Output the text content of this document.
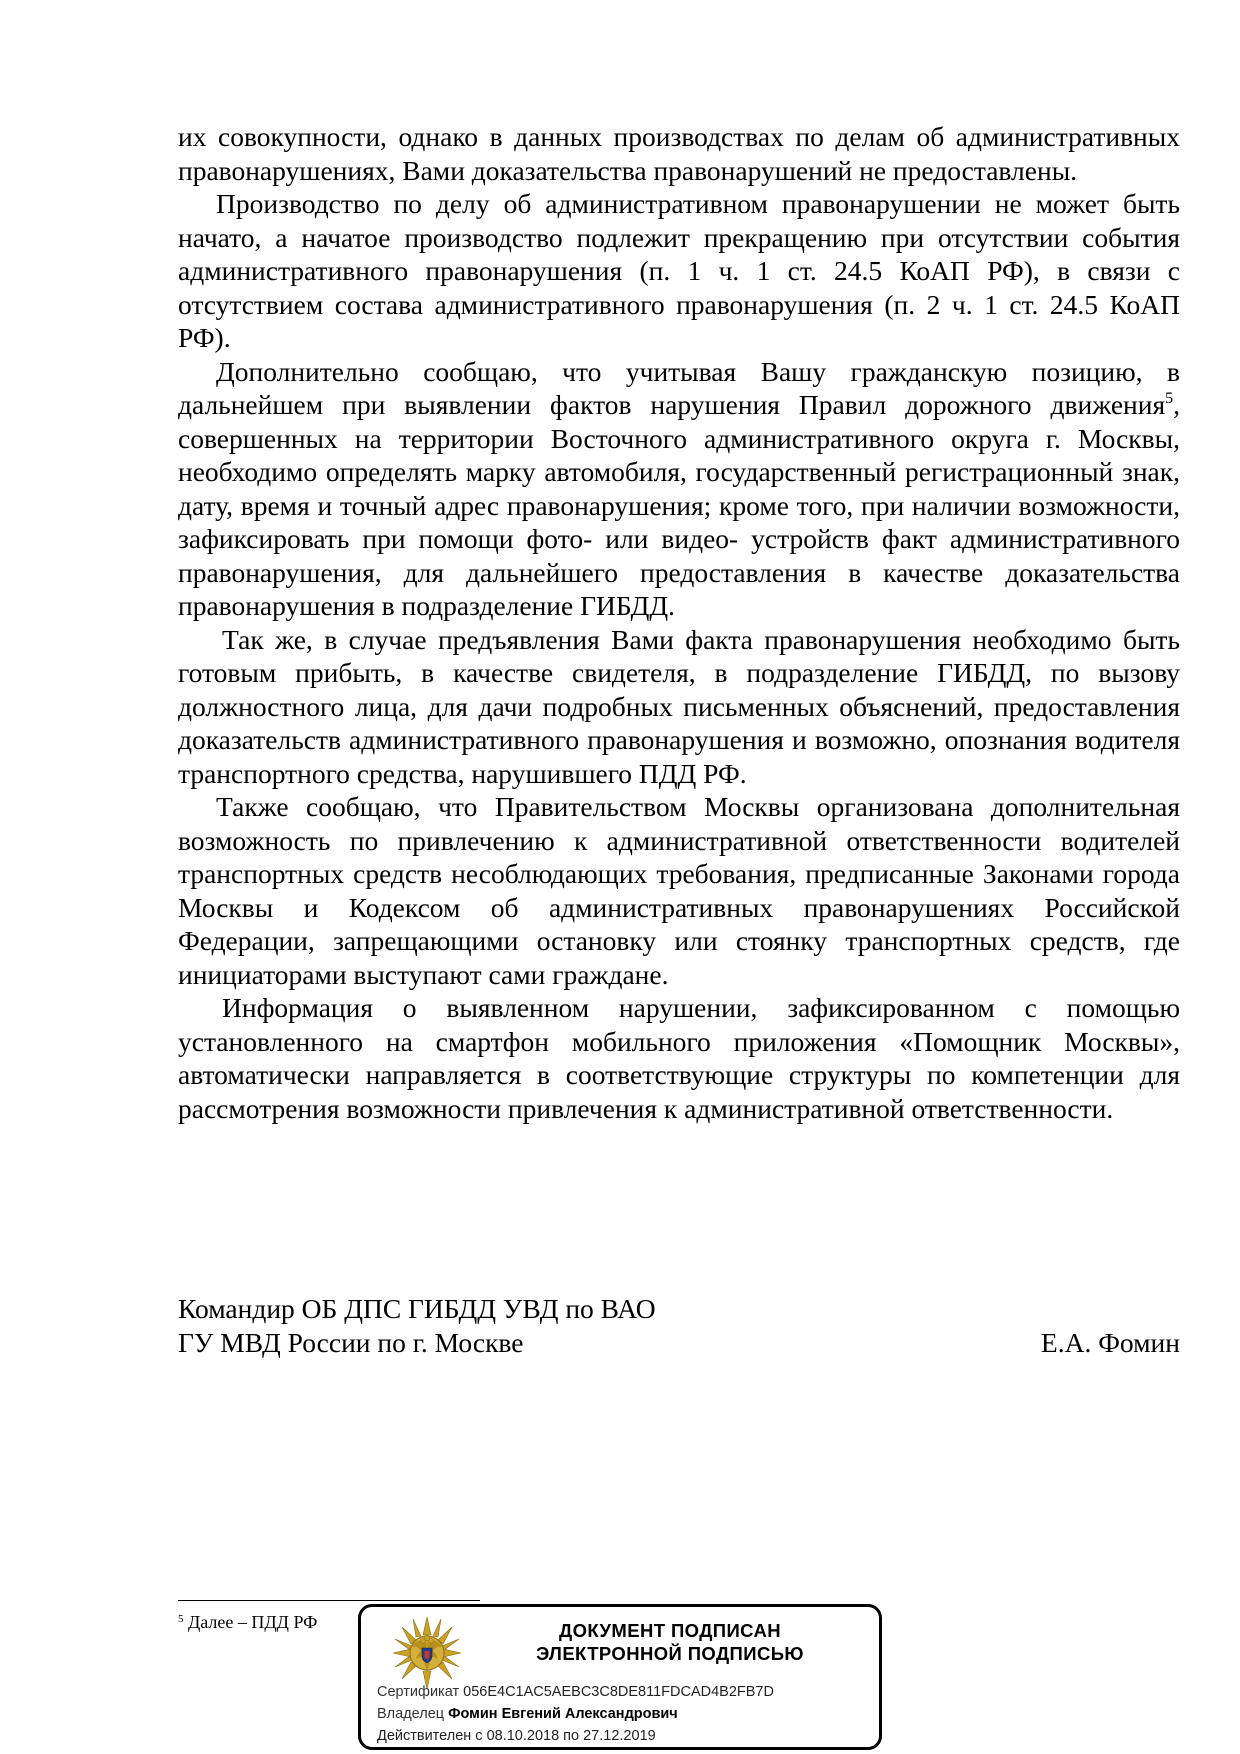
их совокупности, однако в данных производствах по делам об административных правонарушениях, Вами доказательства правонарушений не предоставлены.

Производство по делу об административном правонарушении не может быть начато, а начатое производство подлежит прекращению при отсутствии события административного правонарушения (п. 1 ч. 1 ст. 24.5 КоАП РФ), в связи с отсутствием состава административного правонарушения (п. 2 ч. 1 ст. 24.5 КоАП РФ).

Дополнительно сообщаю, что учитывая Вашу гражданскую позицию, в дальнейшем при выявлении фактов нарушения Правил дорожного движения$^5$, совершенных на территории Восточного административного округа г. Москвы, необходимо определять марку автомобиля, государственный регистрационный знак, дату, время и точный адрес правонарушения; кроме того, при наличии возможности, зафиксировать при помощи фото- или видео- устройств факт административного правонарушения, для дальнейшего предоставления в качестве доказательства правонарушения в подразделение ГИБДД.

Так же, в случае предъявления Вами факта правонарушения необходимо быть готовым прибыть, в качестве свидетеля, в подразделение ГИБДД, по вызову должностного лица, для дачи подробных письменных объяснений, предоставления доказательств административного правонарушения и возможно, опознания водителя транспортного средства, нарушившего ПДД РФ.

Также сообщаю, что Правительством Москвы организована дополнительная возможность по привлечению к административной ответственности водителей транспортных средств несоблюдающих требования, предписанные Законами города Москвы и Кодексом об административных правонарушениях Российской Федерации, запрещающими остановку или стоянку транспортных средств, где инициаторами выступают сами граждане.

Информация о выявленном нарушении, зафиксированном с помощью установленного на смартфон мобильного приложения «Помощник Москвы», автоматически направляется в соответствующие структуры по компетенции для рассмотрения возможности привлечения к административной ответственности.

Командир ОБ ДПС ГИБДД УВД по ВАО
ГУ МВД России по г. Москве	Е.А. Фомин
$^5$ Далее – ПДД РФ	ДОКУМЕНТ ПОДПИСАН
ЭЛЕКТРОННОЙ ПОДПИСЬЮ
Сертификат 056E4C1AC5AEBC3C8DE811FDCAD4B2FB7D
Владелец Фомин Евгений Александрович
Действителен с 08.10.2018 по 27.12.2019
